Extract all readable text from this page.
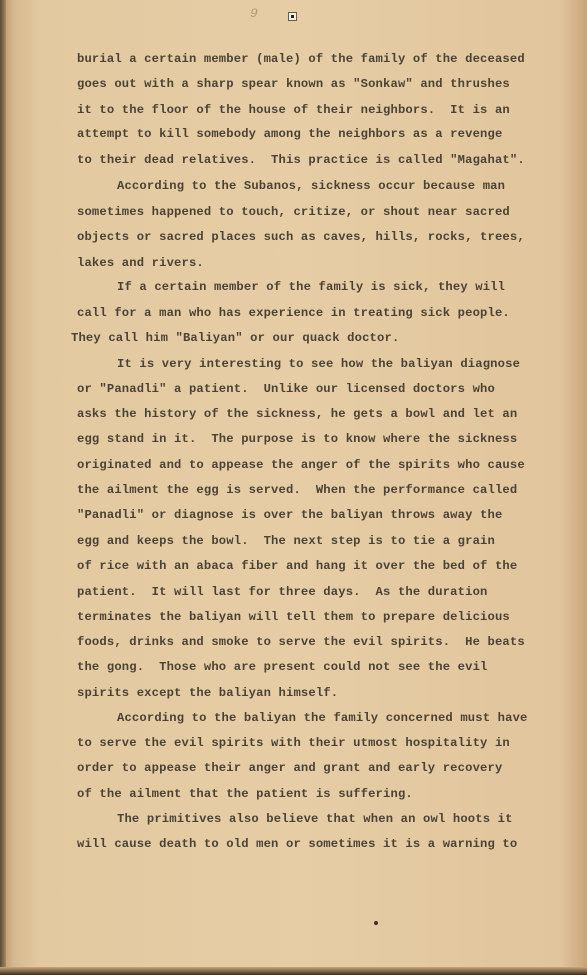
9
burial a certain member (male) of the family of the deceased
goes out with a sharp spear known as "Sonkaw" and thrushes
it to the floor of the house of their neighbors.  It is an
attempt to kill somebody among the neighbors as a revenge
to their dead relatives.  This practice is called "Magahat".
According to the Subanos, sickness occur because man
sometimes happened to touch, critize, or shout near sacred
objects or sacred places such as caves, hills, rocks, trees,
lakes and rivers.
If a certain member of the family is sick, they will
call for a man who has experience in treating sick people.
They call him "Baliyan" or our quack doctor.
It is very interesting to see how the baliyan diagnose
or "Panadli" a patient.  Unlike our licensed doctors who
asks the history of the sickness, he gets a bowl and let an
egg stand in it.  The purpose is to know where the sickness
originated and to appease the anger of the spirits who cause
the ailment the egg is served.  When the performance called
"Panadli" or diagnose is over the baliyan throws away the
egg and keeps the bowl.  The next step is to tie a grain
of rice with an abaca fiber and hang it over the bed of the
patient.  It will last for three days.  As the duration
terminates the baliyan will tell them to prepare delicious
foods, drinks and smoke to serve the evil spirits.  He beats
the gong.  Those who are present could not see the evil
spirits except the baliyan himself.
According to the baliyan the family concerned must have
to serve the evil spirits with their utmost hospitality in
order to appease their anger and grant and early recovery
of the ailment that the patient is suffering.
The primitives also believe that when an owl hoots it
will cause death to old men or sometimes it is a warning to
